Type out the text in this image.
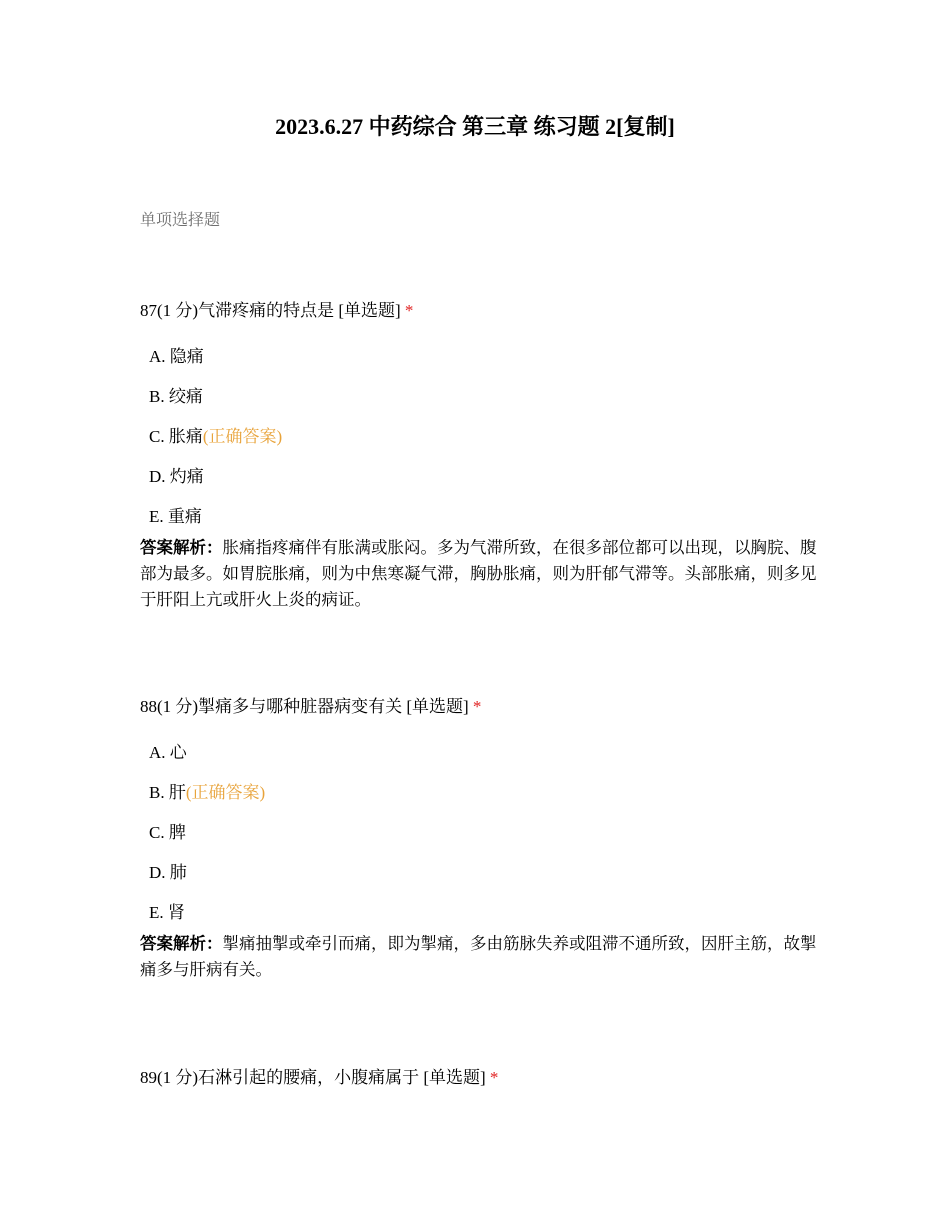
2023.6.27 中药综合 第三章 练习题 2[复制]
单项选择题
87(1 分)气滞疼痛的特点是 [单选题] *
A. 隐痛
B. 绞痛
C. 胀痛(正确答案)
D. 灼痛
E. 重痛
答案解析：胀痛指疼痛伴有胀满或胀闷。多为气滞所致，在很多部位都可以出现，以胸脘、腹部为最多。如胃脘胀痛，则为中焦寒凝气滞，胸胁胀痛，则为肝郁气滞等。头部胀痛，则多见于肝阳上亢或肝火上炎的病证。
88(1 分)掣痛多与哪种脏器病变有关 [单选题] *
A. 心
B. 肝(正确答案)
C. 脾
D. 肺
E. 肾
答案解析：掣痛抽掣或牵引而痛，即为掣痛，多由筋脉失养或阻滞不通所致，因肝主筋，故掣痛多与肝病有关。
89(1 分)石淋引起的腰痛，小腹痛属于 [单选题] *
